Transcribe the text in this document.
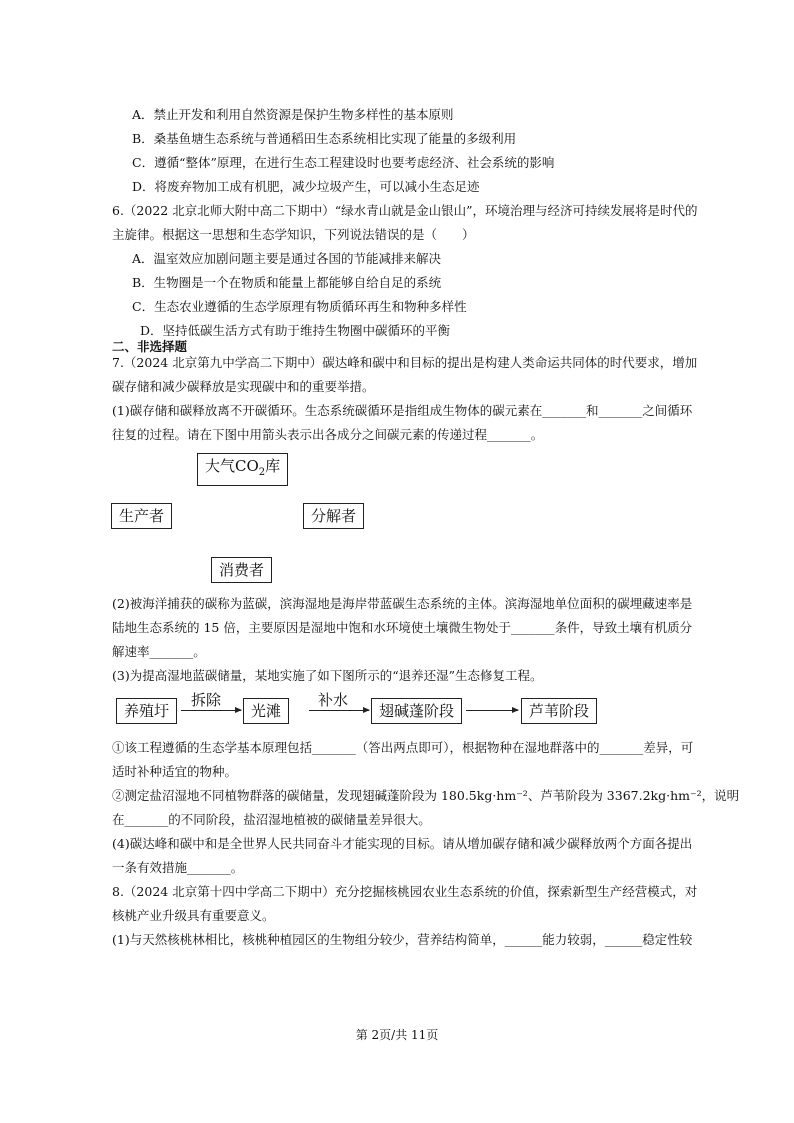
A．禁止开发和利用自然资源是保护生物多样性的基本原则
B．桑基鱼塘生态系统与普通稻田生态系统相比实现了能量的多级利用
C．遵循“整体”原理，在进行生态工程建设时也要考虑经济、社会系统的影响
D．将废弃物加工成有机肥，减少垃圾产生，可以减小生态足迹
6.（2022 北京北师大附中高二下期中）“绿水青山就是金山银山”，环境治理与经济可持续发展将是时代的
主旋律。根据这一思想和生态学知识，下列说法错误的是（　　）
A．温室效应加剧问题主要是通过各国的节能减排来解决
B．生物圈是一个在物质和能量上都能够自给自足的系统
C．生态农业遵循的生态学原理有物质循环再生和物种多样性
D．坚持低碳生活方式有助于维持生物圈中碳循环的平衡
二、非选择题
7.（2024 北京第九中学高二下期中）碳达峰和碳中和目标的提出是构建人类命运共同体的时代要求，增加
碳存储和减少碳释放是实现碳中和的重要举措。
(1)碳存储和碳释放离不开碳循环。生态系统碳循环是指组成生物体的碳元素在_______和_______之间循环
往复的过程。请在下图中用箭头表示出各成分之间碳元素的传递过程_______。
大气$CO_2$库
生产者	分解者
消费者
(2)被海洋捕获的碳称为蓝碳，滨海湿地是海岸带蓝碳生态系统的主体。滨海湿地单位面积的碳埋藏速率是
陆地生态系统的 15 倍，主要原因是湿地中饱和水环境使土壤微生物处于_______条件，导致土壤有机质分
解速率_______。
(3)为提高湿地蓝碳储量，某地实施了如下图所示的“退养还湿”生态修复工程。
养殖圩
拆除
光滩
补水
翅碱蓬阶段	芦苇阶段
①该工程遵循的生态学基本原理包括_______（答出两点即可），根据物种在湿地群落中的_______差异，可
适时补种适宜的物种。
②测定盐沼湿地不同植物群落的碳储量，发现翅碱蓬阶段为 180.5kg·hm⁻²、芦苇阶段为 3367.2kg·hm⁻²，说明
在_______的不同阶段，盐沼湿地植被的碳储量差异很大。
(4)碳达峰和碳中和是全世界人民共同奋斗才能实现的目标。请从增加碳存储和减少碳释放两个方面各提出
一条有效措施_______。
8.（2024 北京第十四中学高二下期中）充分挖掘核桃园农业生态系统的价值，探索新型生产经营模式，对
核桃产业升级具有重要意义。
(1)与天然核桃林相比，核桃种植园区的生物组分较少，营养结构简单，______能力较弱，______稳定性较
第 2页/共 11页
